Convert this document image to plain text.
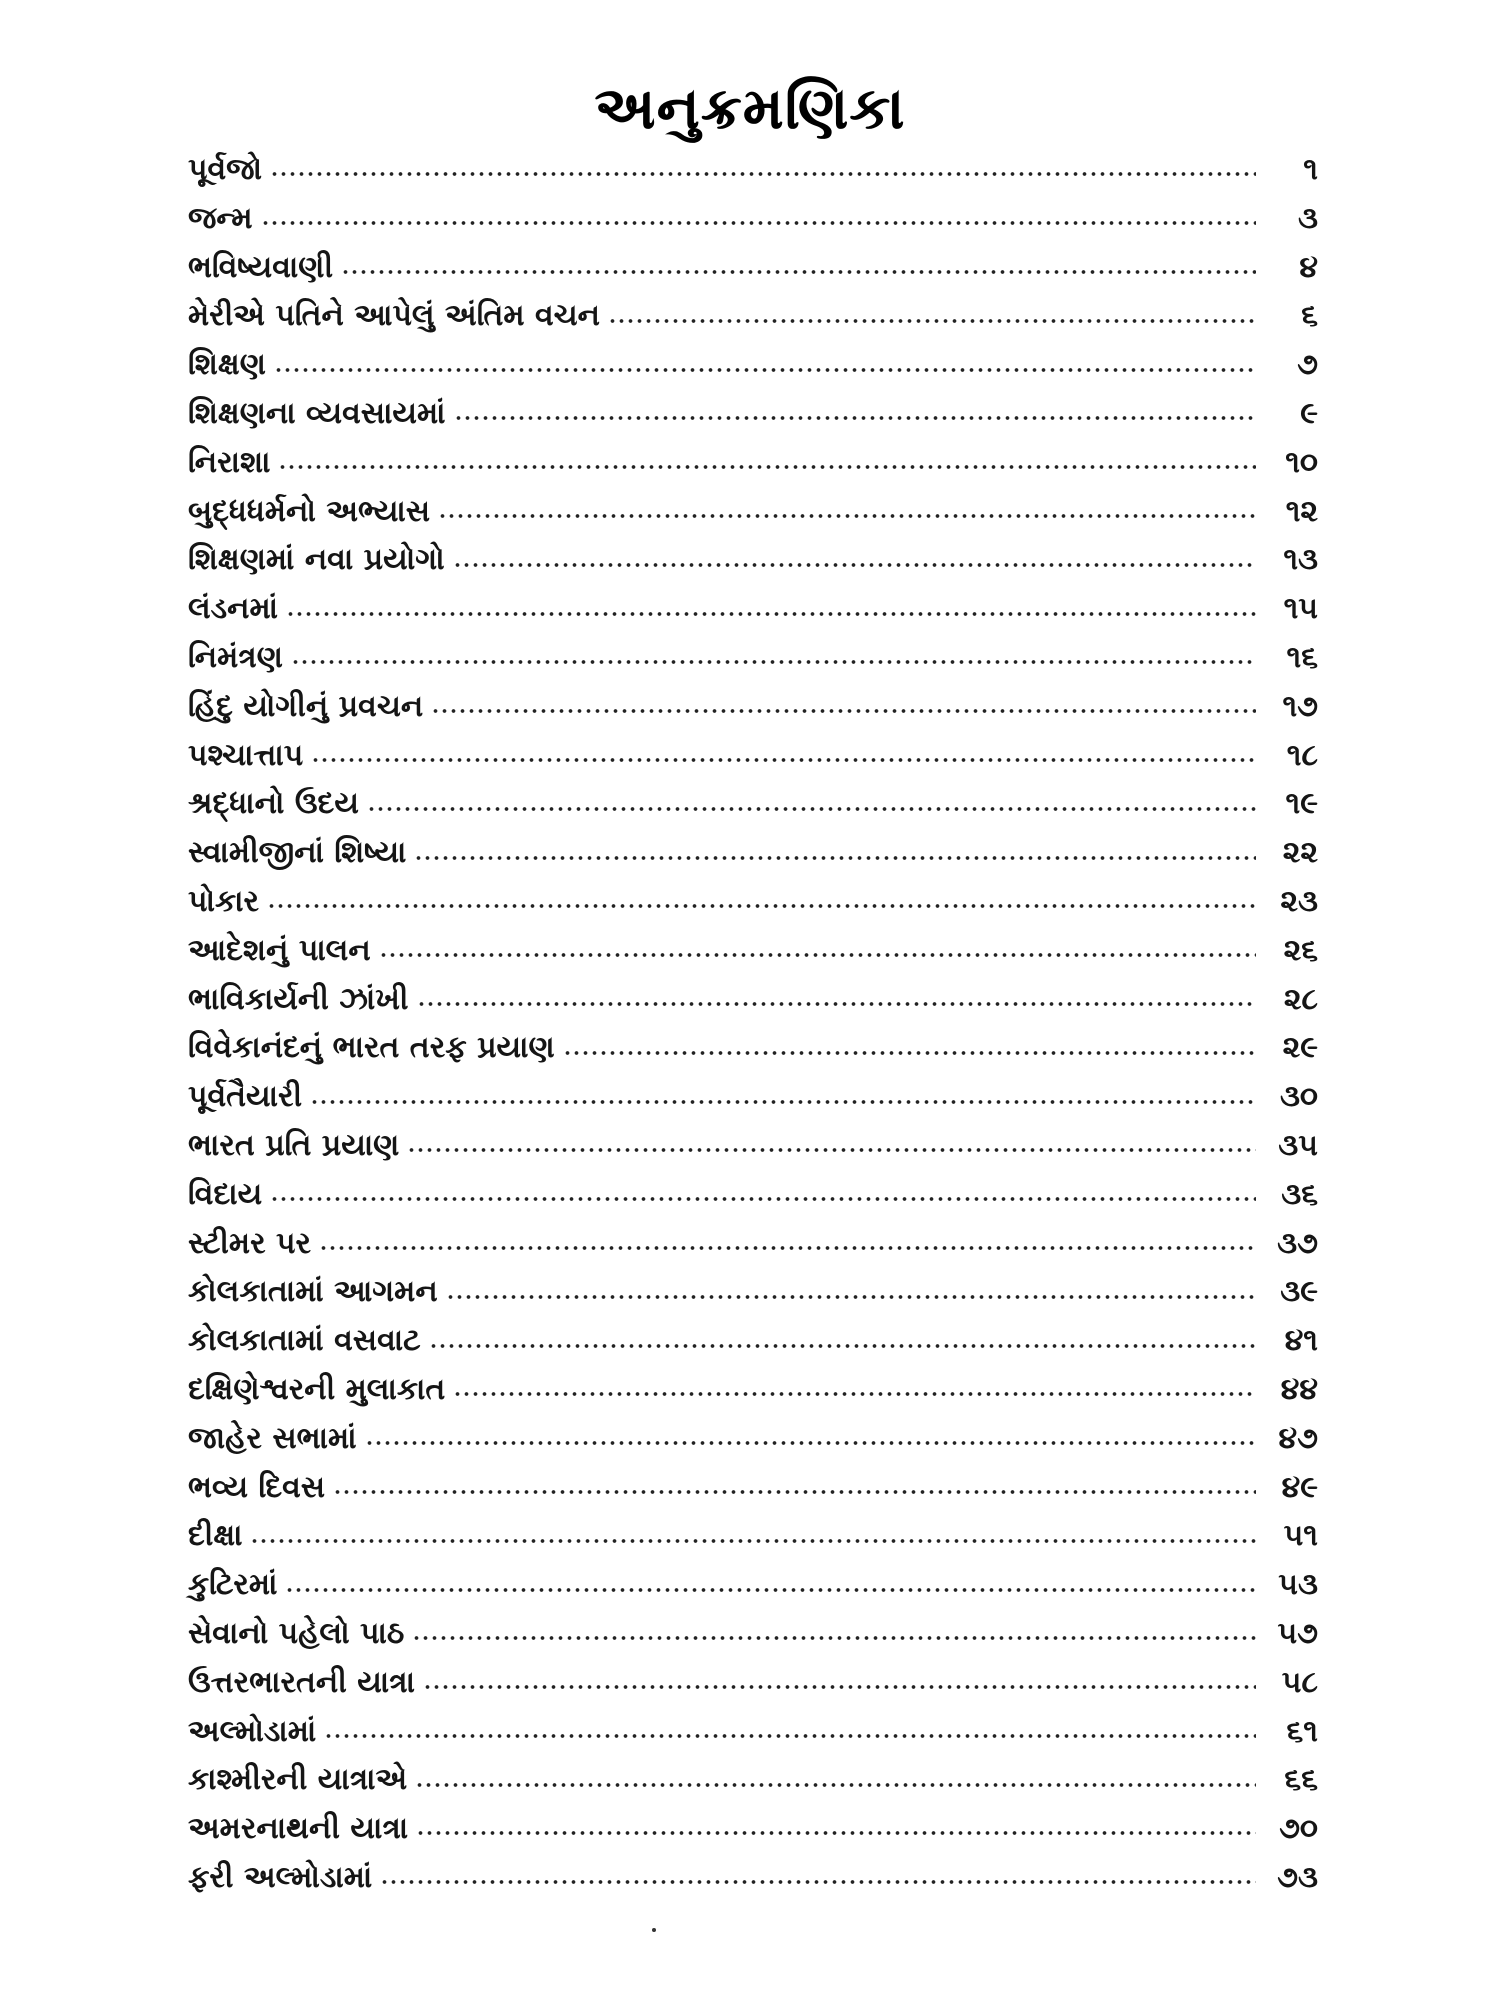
અનુક્રમણિકા
પૂર્વજો	૧
જન્મ	૩
ભવિષ્યવાણી	૪
મેરીએ પતિને આપેલું અંતિમ વચન	૬
શિક્ષણ	૭
શિક્ષણના વ્યવસાયમાં	૯
નિરાશા	૧૦
બુદ્ધધર્મનો અભ્યાસ	૧૨
શિક્ષણમાં નવા પ્રયોગો	૧૩
લંડનમાં	૧૫
નિમંત્રણ	૧૬
હિંદુ યોગીનું પ્રવચન	૧૭
પશ્ચાત્તાપ	૧૮
શ્રદ્ધાનો ઉદય	૧૯
સ્વામીજીનાં શિષ્યા	૨૨
પોકાર	૨૩
આદેશનું પાલન	૨૬
ભાવિકાર્યની ઝાંખી	૨૮
વિવેકાનંદનું ભારત તરફ પ્રયાણ	૨૯
પૂર્વતૈયારી	૩૦
ભારત પ્રતિ પ્રયાણ	૩૫
વિદાય	૩૬
સ્ટીમર પર	૩૭
કોલકાતામાં આગમન	૩૯
કોલકાતામાં વસવાટ	૪૧
દક્ષિણેશ્વરની મુલાકાત	૪૪
જાહેર સભામાં	૪૭
ભવ્ય દિવસ	૪૯
દીક્ષા	૫૧
કુટિરમાં	૫૩
સેવાનો પહેલો પાઠ	૫૭
ઉત્તરભારતની યાત્રા	૫૮
અલ્મોડામાં	૬૧
કાશ્મીરની યાત્રાએ	૬૬
અમરનાથની યાત્રા	૭૦
ફરી અલ્મોડામાં	૭૩
